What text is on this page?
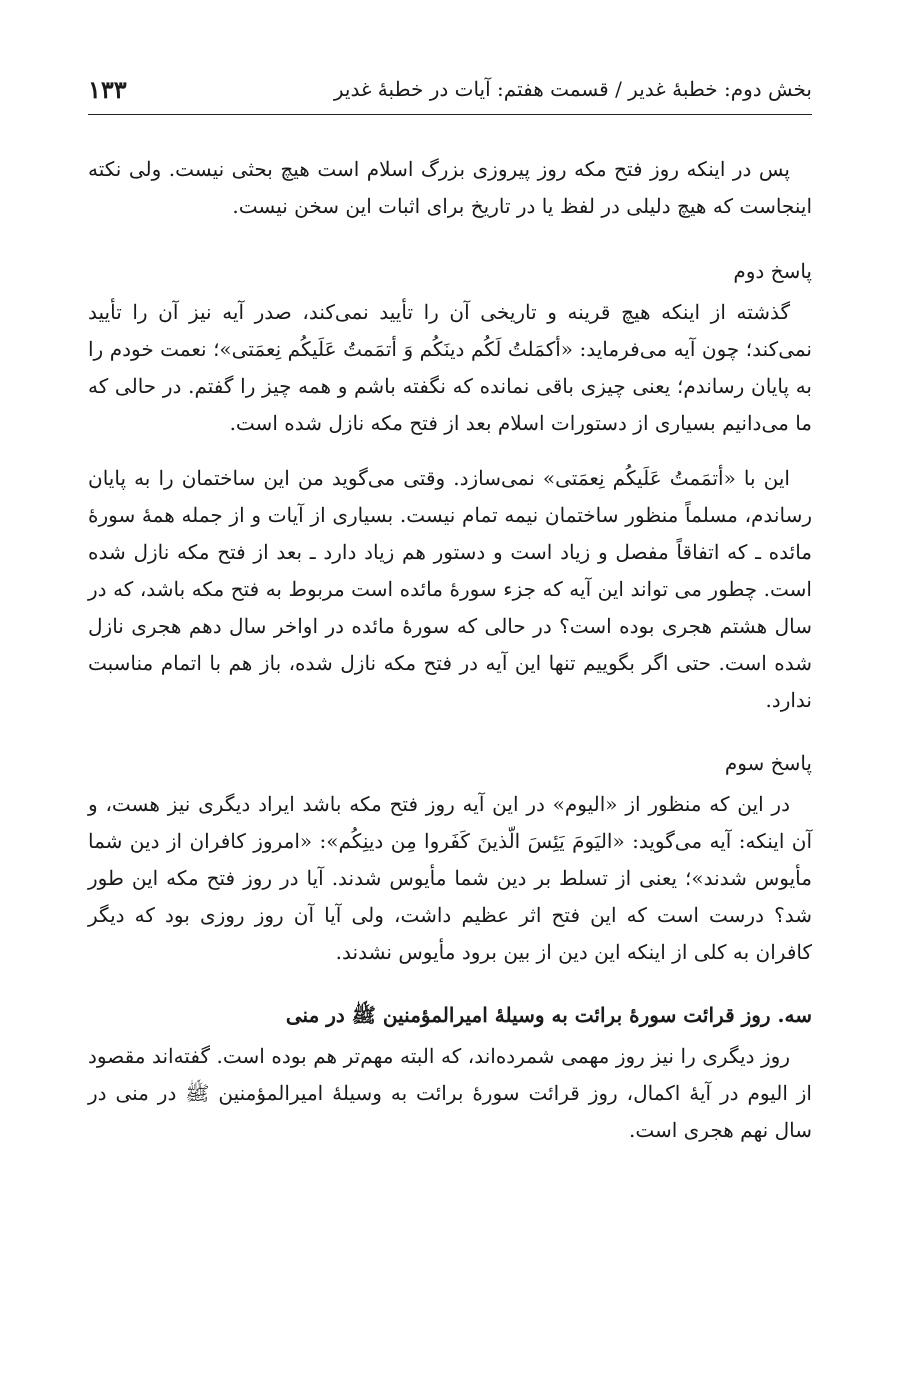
بخش دوم: خطبهٔ غدیر / قسمت هفتم: آیات در خطبهٔ غدیر
۱۳۳

پس در اینکه روز فتح مکه روز پیروزی بزرگ اسلام است هیچ بحثی نیست. ولی نکته اینجاست که هیچ دلیلی در لفظ یا در تاریخ برای اثبات این سخن نیست.

پاسخ دوم

گذشته از اینکه هیچ قرینه و تاریخی آن را تأیید نمی‌کند، صدر آیه نیز آن را تأیید نمی‌کند؛ چون آیه می‌فرماید: «أکمَلتُ لَکُم دینَکُم وَ أتمَمتُ عَلَیکُم نِعمَتی»؛ نعمت خودم را به پایان رساندم؛ یعنی چیزی باقی نمانده که نگفته باشم و همه چیز را گفتم. در حالی که ما می‌دانیم بسیاری از دستورات اسلام بعد از فتح مکه نازل شده است.

این با «أتمَمتُ عَلَیکُم نِعمَتی» نمی‌سازد. وقتی می‌گوید من این ساختمان را به پایان رساندم، مسلماً منظور ساختمان نیمه تمام نیست. بسیاری از آیات و از جمله همهٔ سورهٔ مائده ـ که اتفاقاً مفصل و زیاد است و دستور هم زیاد دارد ـ بعد از فتح مکه نازل شده است. چطور می تواند این آیه که جزء سورهٔ مائده است مربوط به فتح مکه باشد، که در سال هشتم هجری بوده است؟ در حالی که سورهٔ مائده در اواخر سال دهم هجری نازل شده است. حتی اگر بگوییم تنها این آیه در فتح مکه نازل شده، باز هم با اتمام مناسبت ندارد.

پاسخ سوم

در این که منظور از «الیوم» در این آیه روز فتح مکه باشد ایراد دیگری نیز هست، و آن اینکه: آیه می‌گوید: «الیَومَ یَئِسَ الّذینَ کَفَروا مِن دینِکُم»: «امروز کافران از دین شما مأیوس شدند»؛ یعنی از تسلط بر دین شما مأیوس شدند. آیا در روز فتح مکه این طور شد؟ درست است که این فتح اثر عظیم داشت، ولی آیا آن روز روزی بود که دیگر کافران به کلی از اینکه این دین از بین برود مأیوس نشدند.

سه. روز قرائت سورهٔ برائت به وسیلهٔ امیرالمؤمنین ﷺ در منی

روز دیگری را نیز روز مهمی شمرده‌اند، که البته مهم‌تر هم بوده است. گفته‌اند مقصود از الیوم در آیهٔ اکمال، روز قرائت سورهٔ برائت به وسیلهٔ امیرالمؤمنین ﷺ در منی در سال نهم هجری است.
